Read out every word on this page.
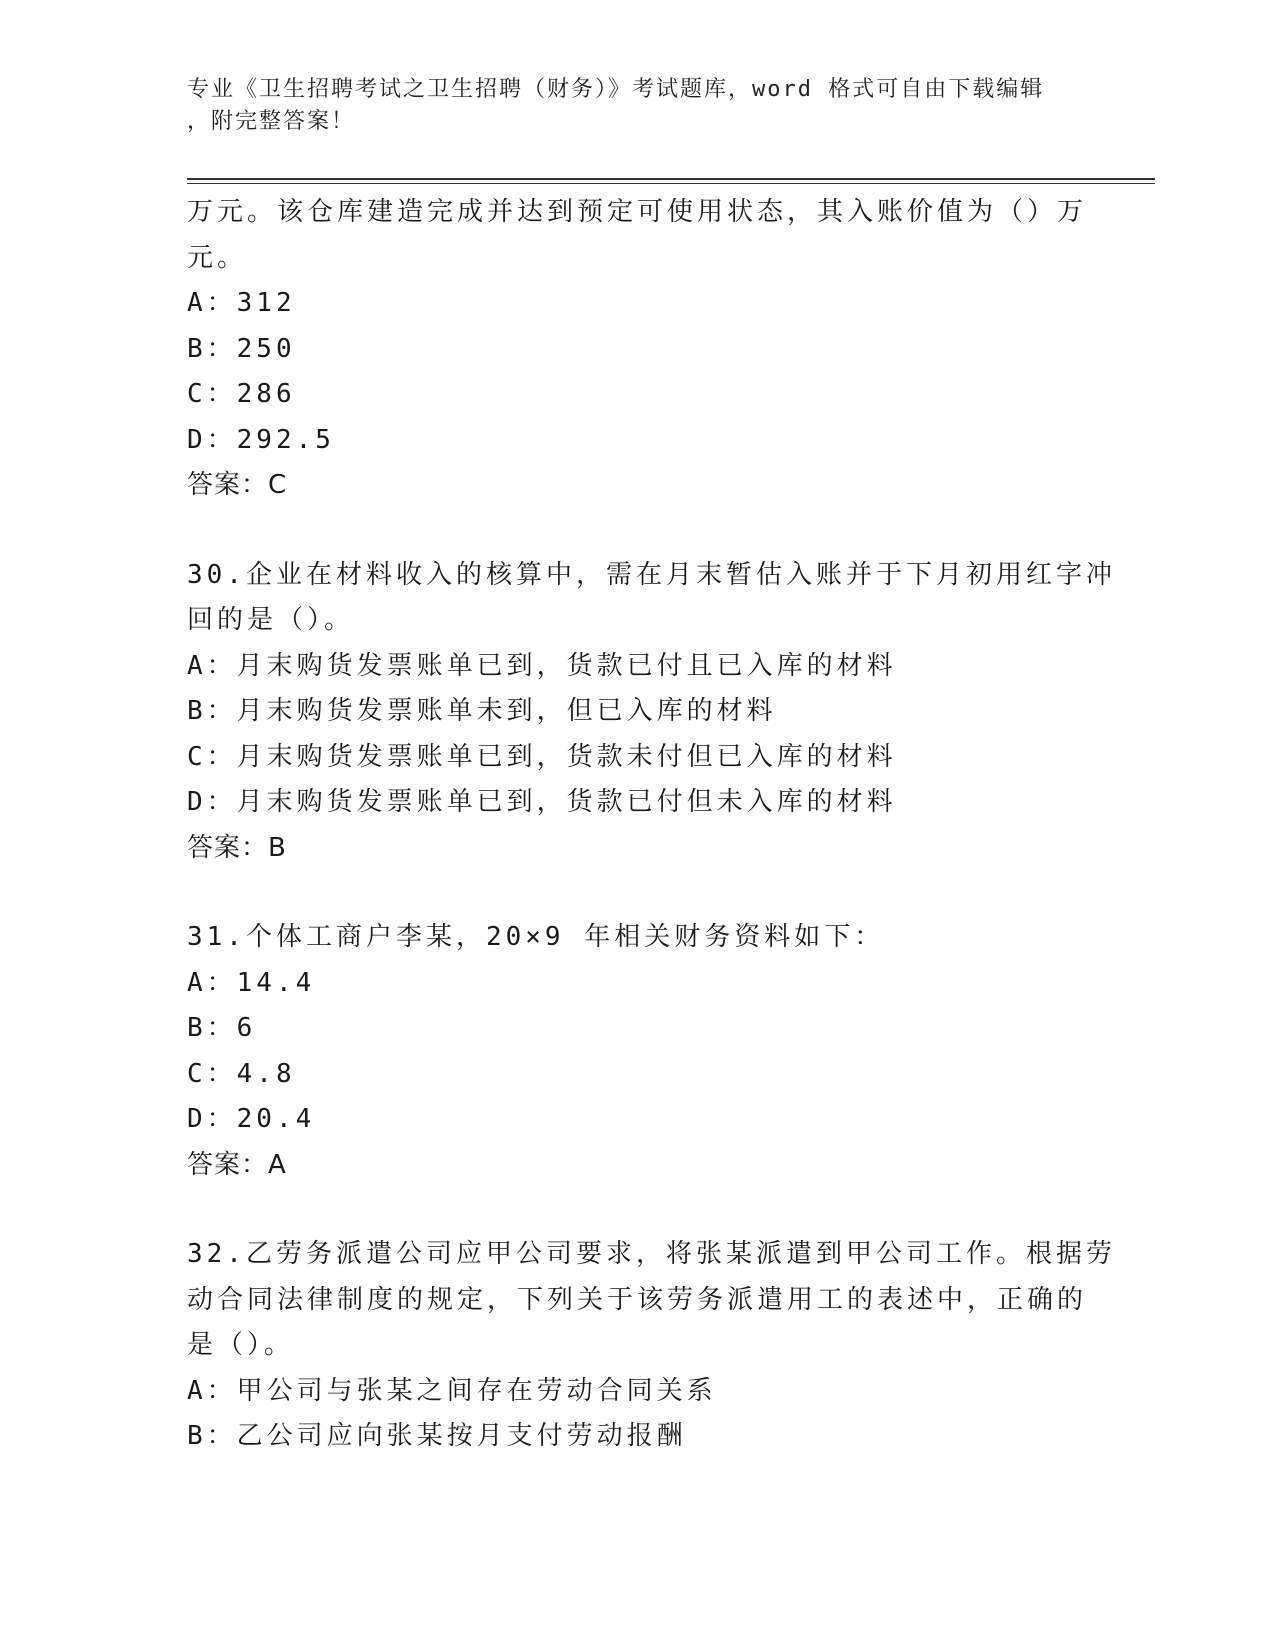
专业《卫生招聘考试之卫生招聘（财务）》考试题库，word 格式可自由下载编辑
，附完整答案！
万元。该仓库建造完成并达到预定可使用状态，其入账价值为（）万
元。
A：312
B：250
C：286
D：292.5
答案：C
30.企业在材料收入的核算中，需在月末暂估入账并于下月初用红字冲
回的是（）。
A：月末购货发票账单已到，货款已付且已入库的材料
B：月末购货发票账单未到，但已入库的材料
C：月末购货发票账单已到，货款未付但已入库的材料
D：月末购货发票账单已到，货款已付但未入库的材料
答案：B
31.个体工商户李某，20×9 年相关财务资料如下：
A：14.4
B：6
C：4.8
D：20.4
答案：A
32.乙劳务派遣公司应甲公司要求，将张某派遣到甲公司工作。根据劳
动合同法律制度的规定，下列关于该劳务派遣用工的表述中，正确的
是（）。
A：甲公司与张某之间存在劳动合同关系
B：乙公司应向张某按月支付劳动报酬
